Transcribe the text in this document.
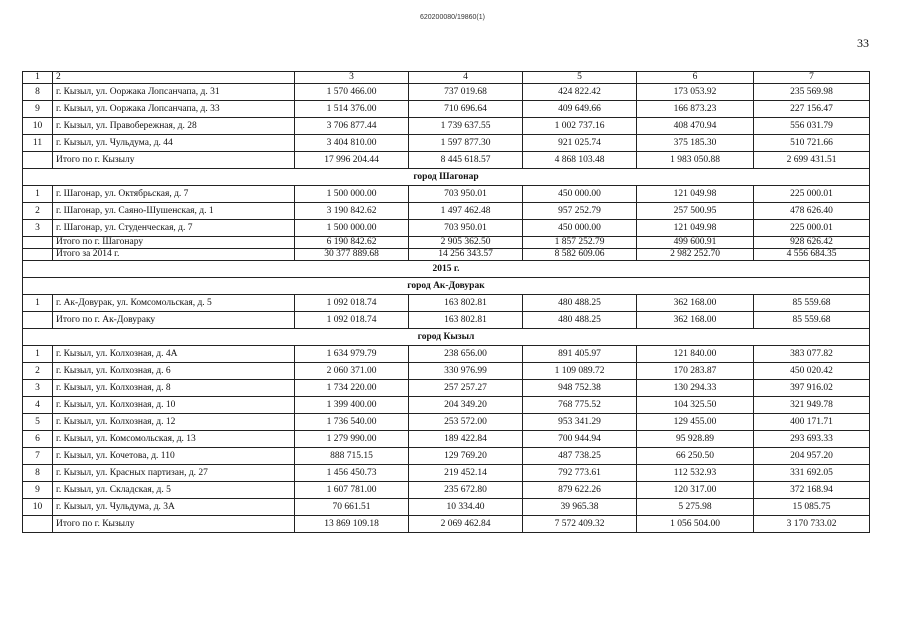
620200080/19860(1)
33
1	2	3	4	5	6	7
8	г. Кызыл, ул. Ооржака Лопсанчапа, д. 31	1 570 466.00	737 019.68	424 822.42	173 053.92	235 569.98
9	г. Кызыл, ул. Ооржака Лопсанчапа, д. 33	1 514 376.00	710 696.64	409 649.66	166 873.23	227 156.47
10	г. Кызыл, ул. Правобережная, д. 28	3 706 877.44	1 739 637.55	1 002 737.16	408 470.94	556 031.79
11	г. Кызыл, ул. Чульдума, д. 44	3 404 810.00	1 597 877.30	921 025.74	375 185.30	510 721.66
	Итого по г. Кызылу	17 996 204.44	8 445 618.57	4 868 103.48	1 983 050.88	2 699 431.51
город Шагонар						
1	г. Шагонар, ул. Октябрьская, д. 7	1 500 000.00	703 950.01	450 000.00	121 049.98	225 000.01
2	г. Шагонар, ул. Саяно-Шушенская, д. 1	3 190 842.62	1 497 462.48	957 252.79	257 500.95	478 626.40
3	г. Шагонар, ул. Студенческая, д. 7	1 500 000.00	703 950.01	450 000.00	121 049.98	225 000.01
	Итого по г. Шагонару	6 190 842.62	2 905 362.50	1 857 252.79	499 600.91	928 626.42
	Итого за 2014 г.	30 377 889.68	14 256 343.57	8 582 609.06	2 982 252.70	4 556 684.35
2015 г.						
город Ак-Довурак						
1	г. Ак-Довурак, ул. Комсомольская, д. 5	1 092 018.74	163 802.81	480 488.25	362 168.00	85 559.68
	Итого по г. Ак-Довураку	1 092 018.74	163 802.81	480 488.25	362 168.00	85 559.68
город Кызыл						
1	г. Кызыл, ул. Колхозная, д. 4А	1 634 979.79	238 656.00	891 405.97	121 840.00	383 077.82
2	г. Кызыл, ул. Колхозная, д. 6	2 060 371.00	330 976.99	1 109 089.72	170 283.87	450 020.42
3	г. Кызыл, ул. Колхозная, д. 8	1 734 220.00	257 257.27	948 752.38	130 294.33	397 916.02
4	г. Кызыл, ул. Колхозная, д. 10	1 399 400.00	204 349.20	768 775.52	104 325.50	321 949.78
5	г. Кызыл, ул. Колхозная, д. 12	1 736 540.00	253 572.00	953 341.29	129 455.00	400 171.71
6	г. Кызыл, ул. Комсомольская, д. 13	1 279 990.00	189 422.84	700 944.94	95 928.89	293 693.33
7	г. Кызыл, ул. Кочетова, д. 110	888 715.15	129 769.20	487 738.25	66 250.50	204 957.20
8	г. Кызыл, ул. Красных партизан, д. 27	1 456 450.73	219 452.14	792 773.61	112 532.93	331 692.05
9	г. Кызыл, ул. Складская, д. 5	1 607 781.00	235 672.80	879 622.26	120 317.00	372 168.94
10	г. Кызыл, ул. Чульдума, д. 3А	70 661.51	10 334.40	39 965.38	5 275.98	15 085.75
	Итого по г. Кызылу	13 869 109.18	2 069 462.84	7 572 409.32	1 056 504.00	3 170 733.02
